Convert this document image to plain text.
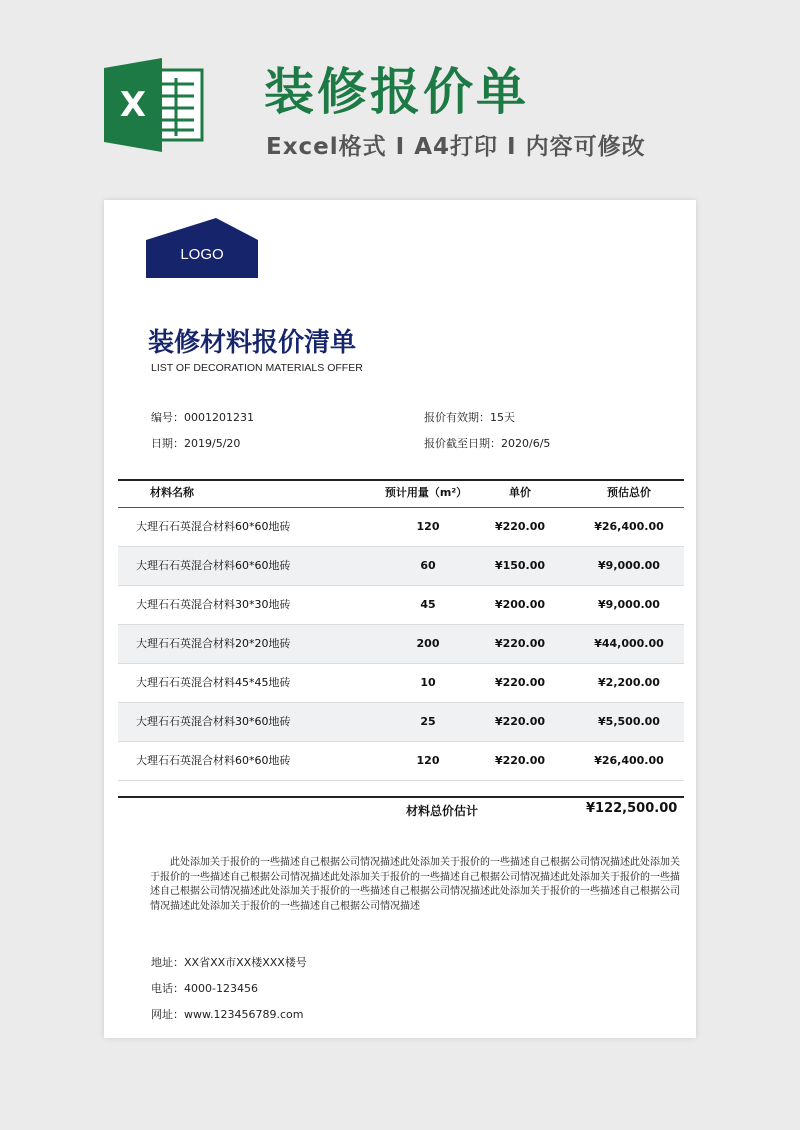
X 装修报价单
Excel格式 I A4打印 I 内容可修改
LOGO
装修材料报价清单
LIST OF DECORATION MATERIALS OFFER
编号：0001201231	报价有效期：15天
日期：2019/5/20	报价截至日期：2020/6/5
材料名称	预计用量（m²）	单价	预估总价
大理石石英混合材料60*60地砖	120	¥220.00	¥26,400.00
大理石石英混合材料60*60地砖	60	¥150.00	¥9,000.00
大理石石英混合材料30*30地砖	45	¥200.00	¥9,000.00
大理石石英混合材料20*20地砖	200	¥220.00	¥44,000.00
大理石石英混合材料45*45地砖	10	¥220.00	¥2,200.00
大理石石英混合材料30*60地砖	25	¥220.00	¥5,500.00
大理石石英混合材料60*60地砖	120	¥220.00	¥26,400.00
材料总价估计	¥122,500.00
此处添加关于报价的一些描述自己根据公司情况描述此处添加关于报价的一些描述自己根据公司情况描述此处添加关于报价的一些描述自己根据公司情况描述此处添加关于报价的一些描述自己根据公司情况描述此处添加关于报价的一些描述自己根据公司情况描述此处添加关于报价的一些描述自己根据公司情况描述此处添加关于报价的一些描述自己根据公司情况描述此处添加关于报价的一些描述自己根据公司情况描述
地址：XX省XX市XX楼XXX楼号
电话：4000-123456
网址：www.123456789.com
